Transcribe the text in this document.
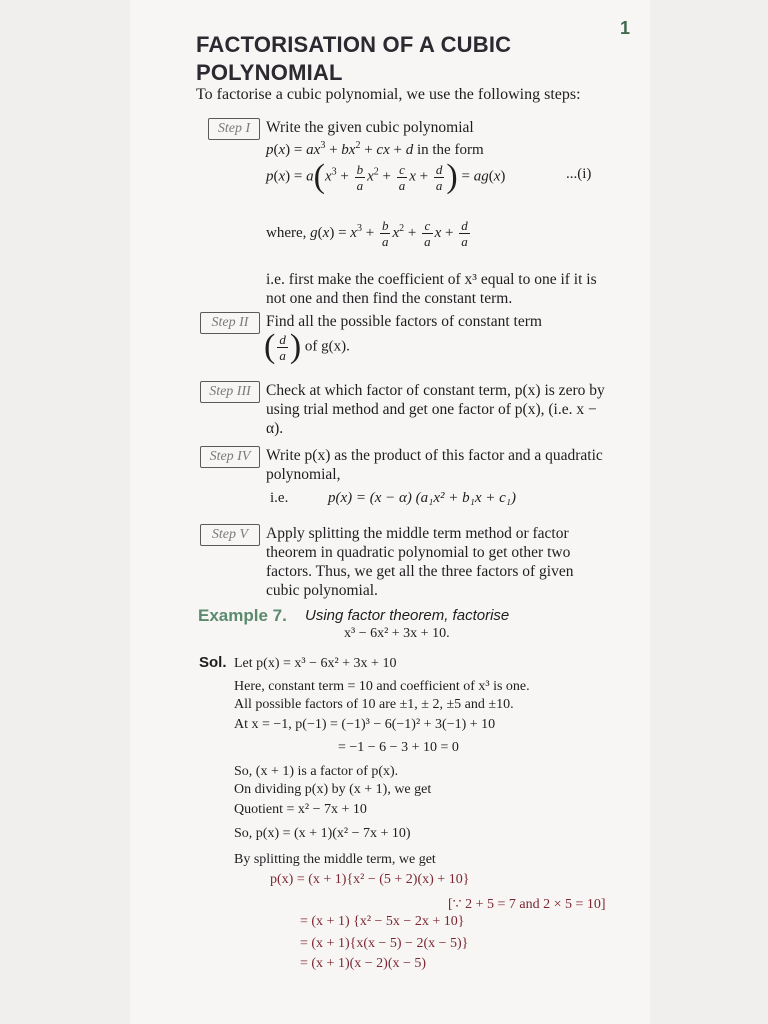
1
FACTORISATION OF A CUBIC
POLYNOMIAL
To factorise a cubic polynomial, we use the following steps:
Step I	Write the given cubic polynomial
$p(x) = ax^3 + bx^2$ + cx + d in the form
$p(x) = a(x^3 + \frac{b}{a} x^2 + \frac{c}{a}$ $x + \frac{d}{a}$ ) = ag(x)	...(i)
where, $g(x) = x^3 + \frac{b}{a} x^2 + \frac{c}{a}$ $x + \frac{d}{a}$
i.e. first make the coefficient of x³ equal to one if it is not one and then find the constant term.
Step II	Find all the possible factors of constant term
( $\frac{d}{a}$ ) of g(x).
Step III Check at which factor of constant term, p(x) is zero by using trial method and get one factor of p(x), (i.e. x − α).
Step IV	Write p(x) as the product of this factor and a quadratic polynomial,
i.e.	p(x) = (x − α) (a₁x² + b₁x + c₁)
Step V	Apply splitting the middle term method or factor theorem in quadratic polynomial to get other two factors. Thus, we get all the three factors of given cubic polynomial.
Example 7. Using factor theorem, factorise
x³ − 6x² + 3x + 10.
Sol. Let p(x) = x³ − 6x² + 3x + 10
Here, constant term = 10 and coefficient of x³ is one.
All possible factors of 10 are ±1, ± 2, ±5 and ±10.
At x = −1, p(−1) = (−1)³ − 6(−1)² + 3(−1) + 10
= −1 − 6 − 3 + 10 = 0
So, (x + 1) is a factor of p(x).
On dividing p(x) by (x + 1), we get
Quotient = x² − 7x + 10
So, p(x) = (x + 1)(x² − 7x + 10)
By splitting the middle term, we get
p(x) = (x + 1){x² − (5 + 2)(x) + 10}
[∵ 2 + 5 = 7 and 2 × 5 = 10]
= (x + 1) {x² − 5x − 2x + 10}
= (x + 1){x(x − 5) − 2(x − 5)}
= (x + 1)(x − 2)(x − 5)
